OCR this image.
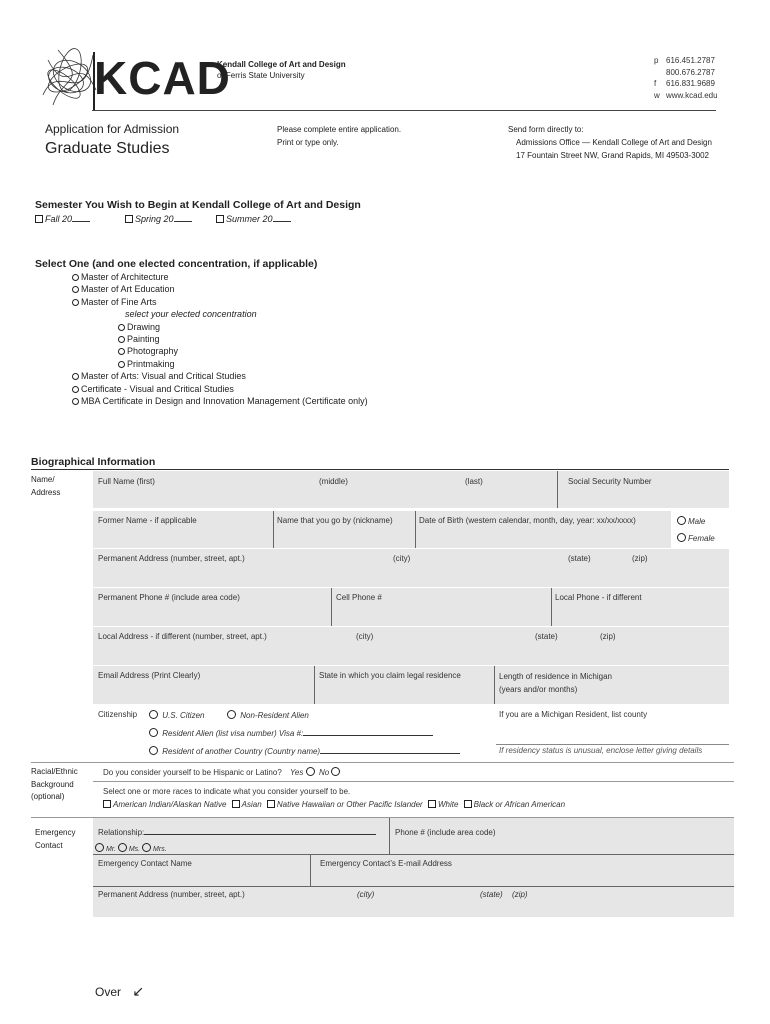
KCAD
Kendall College of Art and Design
of Ferris State University
p 616.451.2787
800.676.2787
f 616.831.9689
w www.kcad.edu
Application for Admission
Graduate Studies
Please complete entire application.
Print or type only.
Send form directly to:
Admissions Office — Kendall College of Art and Design
17 Fountain Street NW, Grand Rapids, MI 49503-3002
Semester You Wish to Begin at Kendall College of Art and Design
Fall 20	Spring 20	Summer 20
Select One (and one elected concentration, if applicable)
Master of Architecture
Master of Art Education
Master of Fine Arts
select your elected concentration
Drawing
Painting
Photography
Printmaking
Master of Arts: Visual and Critical Studies
Certificate - Visual and Critical Studies
MBA Certificate in Design and Innovation Management (Certificate only)
Biographical Information
Name/
Address
Full Name (first)	(middle)	(last)	Social Security Number
Former Name - if applicable	Name that you go by (nickname)	Date of Birth (western calendar, month, day, year: xx/xx/xxxx)	Male
Female
Permanent Address (number, street, apt.)	(city)	(state)	(zip)
Permanent Phone # (include area code)	Cell Phone #	Local Phone - if different
Local Address - if different (number, street, apt.)	(city)	(state)	(zip)
Email Address (Print Clearly)	State in which you claim legal residence	Length of residence in Michigan
(years and/or months)
Citizenship	U.S. Citizen	Non-Resident Alien
Resident Alien (list visa number) Visa #:
Resident of another Country (Country name)
If you are a Michigan Resident, list county
If residency status is unusual, enclose letter giving details
Racial/Ethnic
Background
(optional)
Do you consider yourself to be Hispanic or Latino? Yes	No
Select one or more races to indicate what you consider yourself to be.
American Indian/Alaskan Native Asian Native Hawaiian or Other Pacific Islander White Black or African American
Emergency
Contact
Relationship:	Phone # (include area code)
Mr. Ms. Mrs.
Emergency Contact Name	Emergency Contact’s E-mail Address
Permanent Address (number, street, apt.)	(city)	(state) (zip)
Over ↙
